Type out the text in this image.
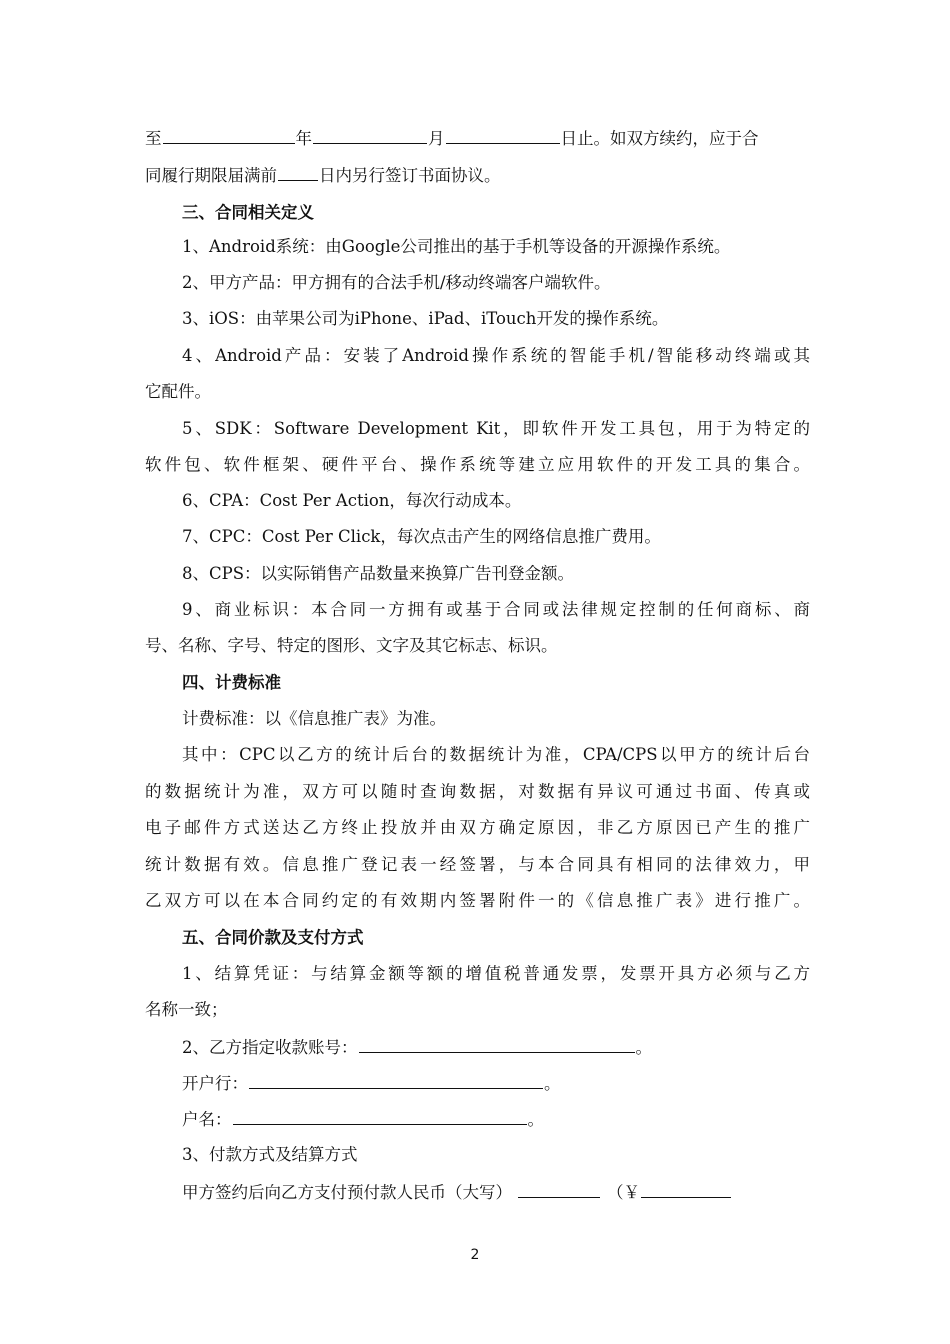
至	年	月	日止。如双方续约，应于合
同履行期限届满前	日内另行签订书面协议。
三、合同相关定义
1、Android系统：由Google公司推出的基于手机等设备的开源操作系统。
2、甲方产品：甲方拥有的合法手机/移动终端客户端软件。
3、iOS：由苹果公司为iPhone、iPad、iTouch开发的操作系统。
4、Android产品：安装了Android操作系统的智能手机/智能移动终端或其
它配件。
5、SDK：Software Development Kit，即软件开发工具包，用于为特定的
软件包、软件框架、硬件平台、操作系统等建立应用软件的开发工具的集合。
6、CPA：Cost Per Action，每次行动成本。
7、CPC：Cost Per Click，每次点击产生的网络信息推广费用。
8、CPS：以实际销售产品数量来换算广告刊登金额。
9、商业标识：本合同一方拥有或基于合同或法律规定控制的任何商标、商
号、名称、字号、特定的图形、文字及其它标志、标识。
四、计费标准
计费标准：以《信息推广表》为准。
其中：CPC以乙方的统计后台的数据统计为准，CPA/CPS以甲方的统计后台
的数据统计为准，双方可以随时查询数据，对数据有异议可通过书面、传真或
电子邮件方式送达乙方终止投放并由双方确定原因，非乙方原因已产生的推广
统计数据有效。信息推广登记表一经签署，与本合同具有相同的法律效力，甲
乙双方可以在本合同约定的有效期内签署附件一的《信息推广表》进行推广。
五、合同价款及支付方式
1、结算凭证：与结算金额等额的增值税普通发票，发票开具方必须与乙方
名称一致；
2、乙方指定收款账号：	。
开户行：	。
户名：	。
3、付款方式及结算方式
甲方签约后向乙方支付预付款人民币（大写）	（￥
2
